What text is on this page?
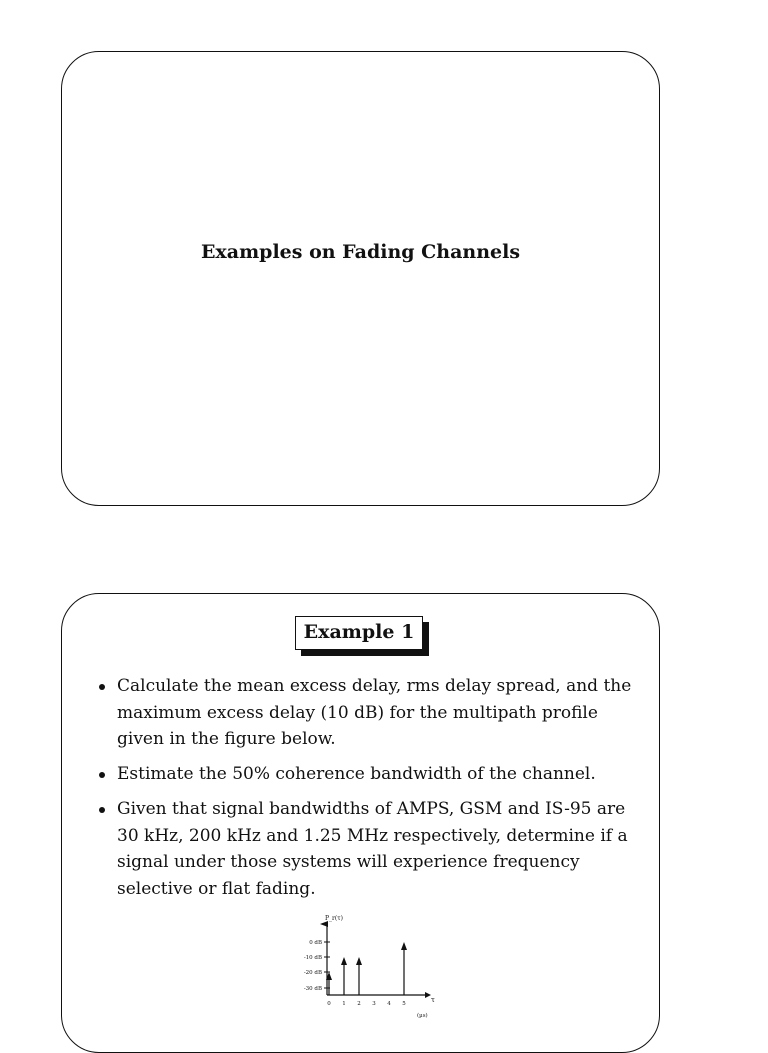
Examples on Fading Channels
Example 1
Calculate the mean excess delay, rms delay spread, and the maximum excess delay (10 dB) for the multipath profile given in the figure below.
Estimate the 50% coherence bandwidth of the channel.
Given that signal bandwidths of AMPS, GSM and IS-95 are 30 kHz, 200 kHz and 1.25 MHz respectively, determine if a signal under those systems will experience frequency selective or flat fading.
P_r(τ)
0 dB
-10 dB
-20 dB
-30 dB
0 1 2 3 4 5	τ
(µs)
